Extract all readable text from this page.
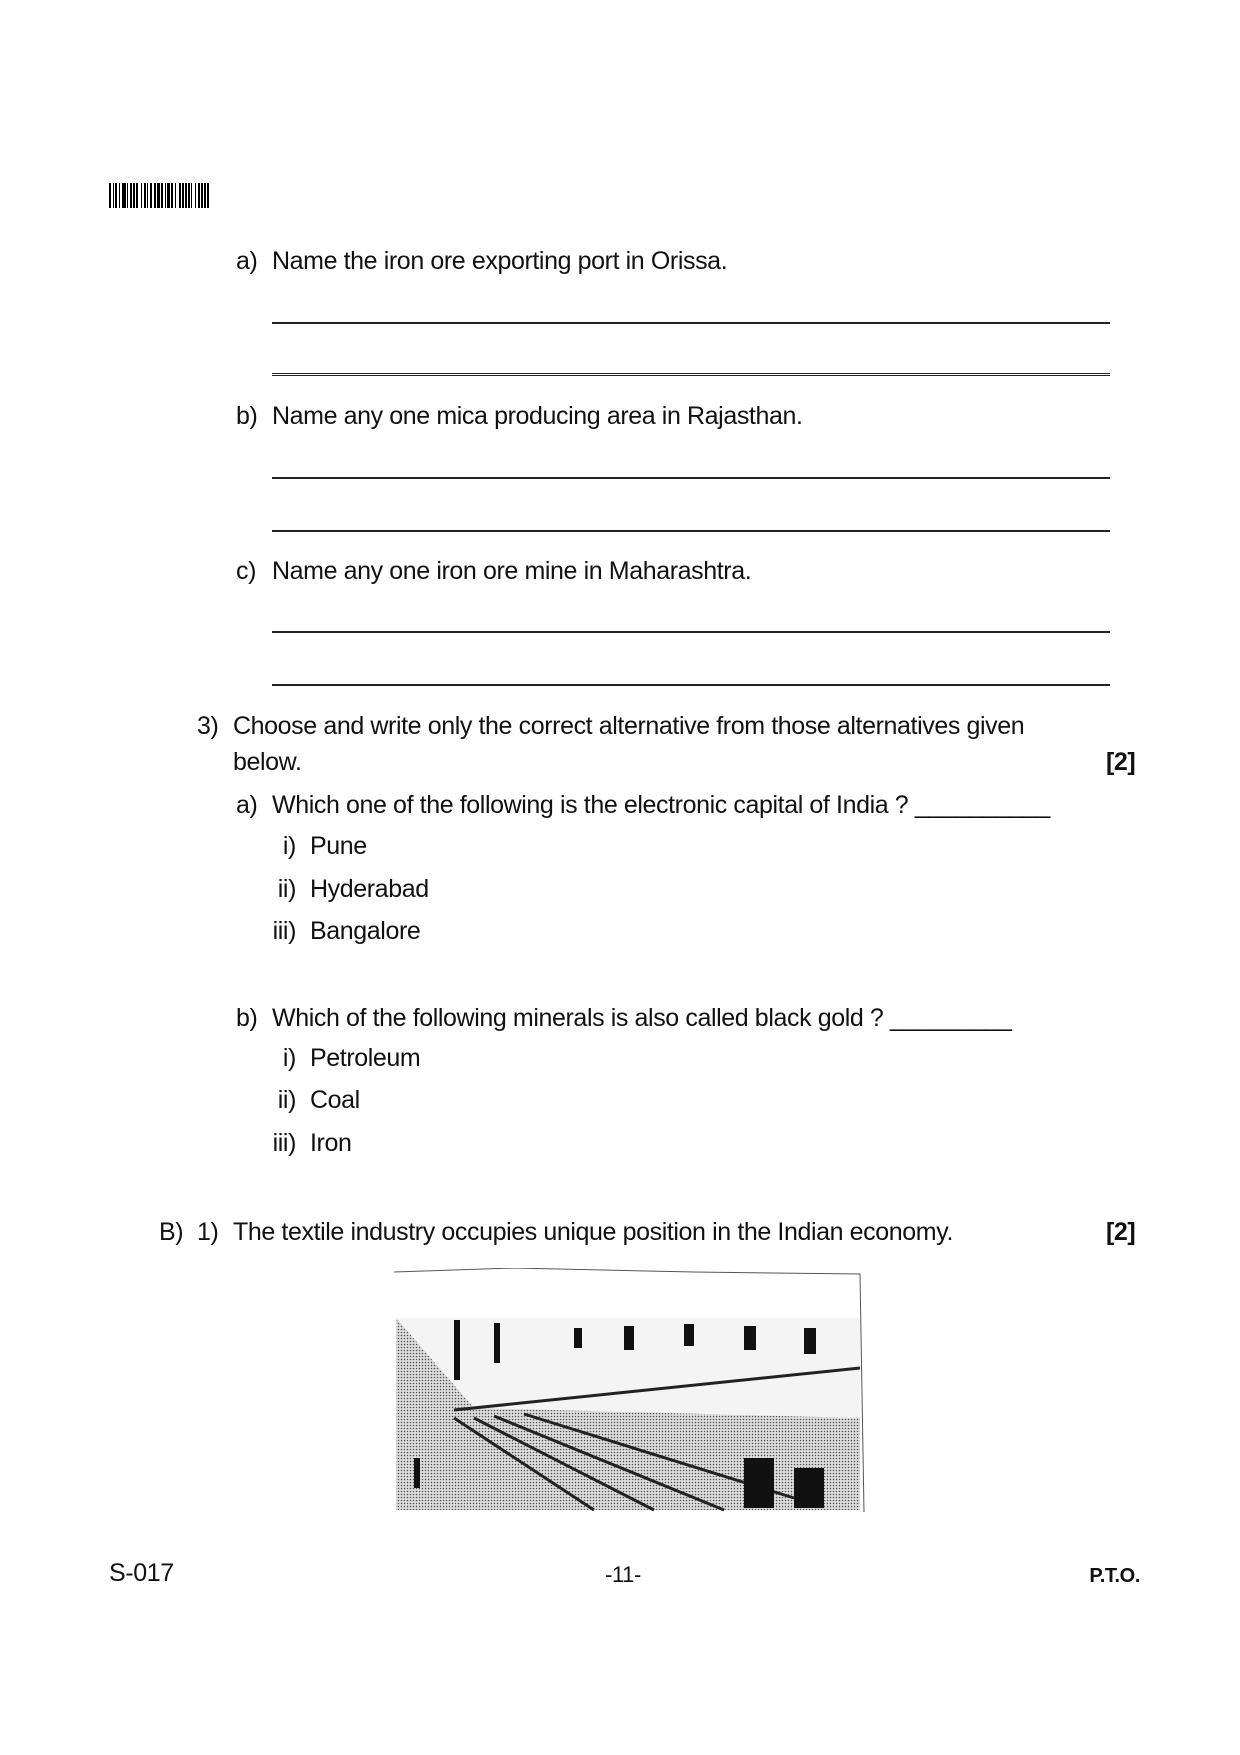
a) Name the iron ore exporting port in Orissa.
b) Name any one mica producing area in Rajasthan.
c) Name any one iron ore mine in Maharashtra.
3) Choose and write only the correct alternative from those alternatives given
below.	[2]
a) Which one of the following is the electronic capital of India ? __________
i) Pune
ii) Hyderabad
iii) Bangalore
b) Which of the following minerals is also called black gold ? _________
i) Petroleum
ii) Coal
iii) Iron
B) 1) The textile industry occupies unique position in the Indian economy.	[2]
S-017	-11-	P.T.O.
